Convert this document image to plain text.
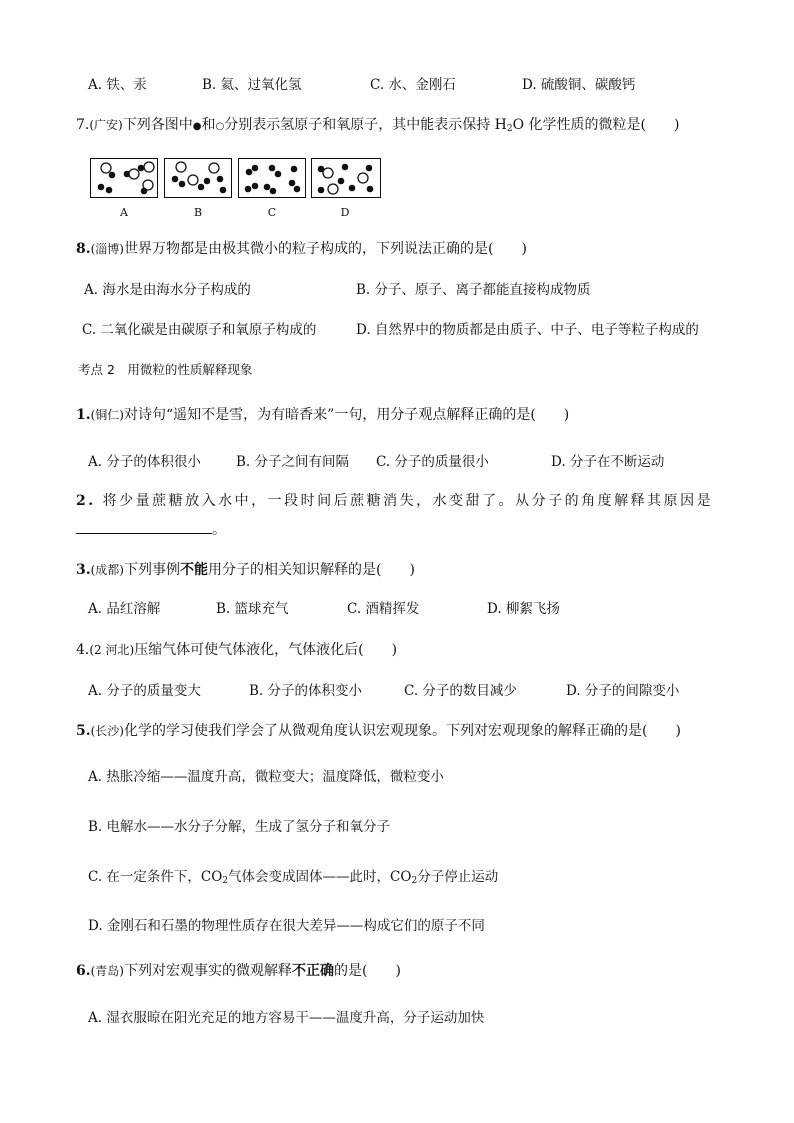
A. 铁、汞	B. 氦、过氧化氢	C. 水、金刚石	D. 硫酸铜、碳酸钙
7.(广安)下列各图中●和○分别表示氢原子和氧原子，其中能表示保持 $H_2O$ 化学性质的微粒是(　　)
A	B	C	D
8.(淄博)世界万物都是由极其微小的粒子构成的，下列说法正确的是(　　)
A. 海水是由海水分子构成的	B. 分子、原子、离子都能直接构成物质
C. 二氧化碳是由碳原子和氧原子构成的	D. 自然界中的物质都是由质子、中子、电子等粒子构成的
考点 2　用微粒的性质解释现象
1.(铜仁)对诗句“遥知不是雪，为有暗香来”一句，用分子观点解释正确的是(　　)
A. 分子的体积很小	B. 分子之间有间隔 C. 分子的质量很小	D. 分子在不断运动
2. 将少量蔗糖放入水中，一段时间后蔗糖消失，水变甜了。从分子的角度解释其原因是
。
3.(成都)下列事例不能用分子的相关知识解释的是(　　)
A. 品红溶解	B. 篮球充气	C. 酒精挥发	D. 柳絮飞扬
4.(2 河北)压缩气体可使气体液化，气体液化后(　　)
A. 分子的质量变大	B. 分子的体积变小	C. 分子的数目减少	D. 分子的间隙变小
5.(长沙)化学的学习使我们学会了从微观角度认识宏观现象。下列对宏观现象的解释正确的是(　　)
A. 热胀冷缩——温度升高，微粒变大；温度降低，微粒变小
B. 电解水——水分子分解，生成了氢分子和氧分子
C. 在一定条件下，$CO_2$气体会变成固体——此时，$CO_2$分子停止运动
D. 金刚石和石墨的物理性质存在很大差异——构成它们的原子不同
6.(青岛)下列对宏观事实的微观解释不正确的是(　　)
A. 湿衣服晾在阳光充足的地方容易干——温度升高，分子运动加快
